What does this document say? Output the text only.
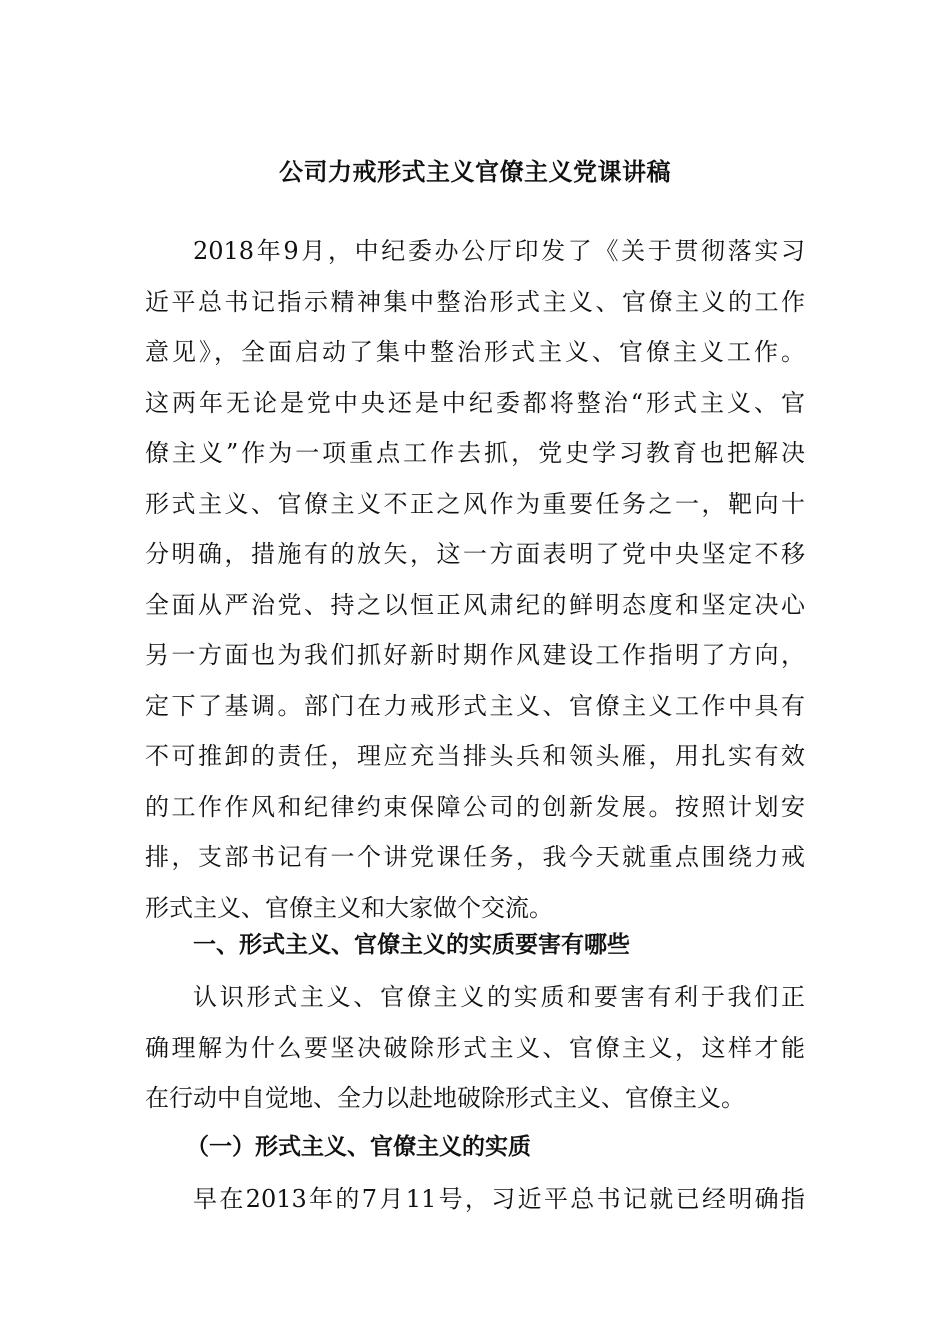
公司力戒形式主义官僚主义党课讲稿

2018年9月，中纪委办公厅印发了《关于贯彻落实习

近平总书记指示精神集中整治形式主义、官僚主义的工作

意见》，全面启动了集中整治形式主义、官僚主义工作。

这两年无论是党中央还是中纪委都将整治“形式主义、官

僚主义”作为一项重点工作去抓，党史学习教育也把解决

形式主义、官僚主义不正之风作为重要任务之一，靶向十

分明确，措施有的放矢，这一方面表明了党中央坚定不移

全面从严治党、持之以恒正风肃纪的鲜明态度和坚定决心

另一方面也为我们抓好新时期作风建设工作指明了方向，

定下了基调。部门在力戒形式主义、官僚主义工作中具有

不可推卸的责任，理应充当排头兵和领头雁，用扎实有效

的工作作风和纪律约束保障公司的创新发展。按照计划安

排，支部书记有一个讲党课任务，我今天就重点围绕力戒

形式主义、官僚主义和大家做个交流。

一、形式主义、官僚主义的实质要害有哪些

认识形式主义、官僚主义的实质和要害有利于我们正

确理解为什么要坚决破除形式主义、官僚主义，这样才能

在行动中自觉地、全力以赴地破除形式主义、官僚主义。

（一）形式主义、官僚主义的实质

早在2013年的7月11号，习近平总书记就已经明确指
